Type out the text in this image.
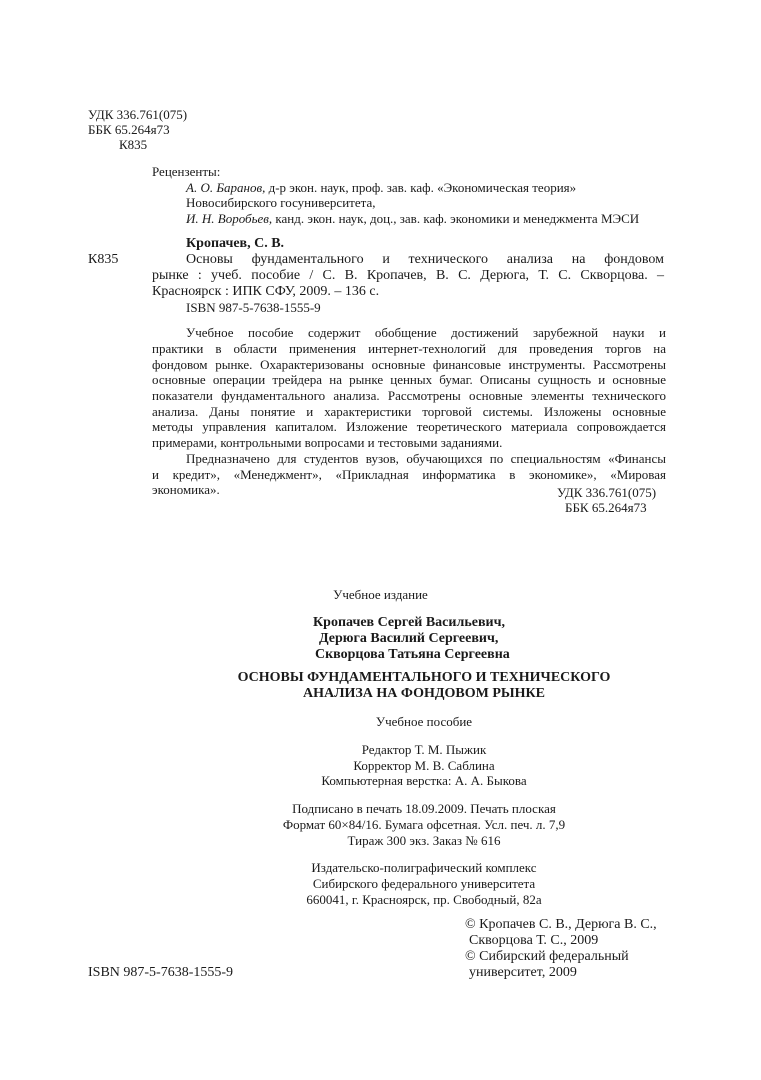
УДК 336.761(075)
ББК 65.264я73
К835
Рецензенты:
А. О. Баранов, д-р экон. наук, проф. зав. каф. «Экономическая теория»
Новосибирского госуниверситета,
И. Н. Воробьев, канд. экон. наук, доц., зав. каф. экономики и менеджмента МЭСИ
Кропачев, С. В.
К835	Основы фундаментального и технического анализа на фондовом
рынке : учеб. пособие / С. В. Кропачев, В. С. Дерюга, Т. С. Скворцова. –
Красноярск : ИПК СФУ, 2009. – 136 с.
ISBN 987-5-7638-1555-9
Учебное пособие содержит обобщение достижений зарубежной науки и
практики в области применения интернет-технологий для проведения торгов на
фондовом рынке. Охарактеризованы основные финансовые инструменты. Рассмотрены
основные операции трейдера на рынке ценных бумаг. Описаны сущность и основные
показатели фундаментального анализа. Рассмотрены основные элементы технического
анализа. Даны понятие и характеристики торговой системы. Изложены основные
методы управления капиталом. Изложение теоретического материала сопровождается
примерами, контрольными вопросами и тестовыми заданиями.
Предназначено для студентов вузов, обучающихся по специальностям «Финансы
и кредит», «Менеджмент», «Прикладная информатика в экономике», «Мировая
экономика».	УДК 336.761(075)
ББК 65.264я73
Учебное издание
Кропачев Сергей Васильевич,
Дерюга Василий Сергеевич,
Скворцова Татьяна Сергеевна
ОСНОВЫ ФУНДАМЕНТАЛЬНОГО И ТЕХНИЧЕСКОГО
АНАЛИЗА НА ФОНДОВОМ РЫНКЕ
Учебное пособие
Редактор Т. М. Пыжик
Корректор М. В. Саблина
Компьютерная верстка: А. А. Быкова
Подписано в печать 18.09.2009. Печать плоская
Формат 60×84/16. Бумага офсетная. Усл. печ. л. 7,9
Тираж 300 экз. Заказ № 616
Издательско-полиграфический комплекс
Сибирского федерального университета
660041, г. Красноярск, пр. Свободный, 82а
© Кропачев С. В., Дерюга В. С.,
Скворцова Т. С., 2009
© Сибирский федеральный
университет, 2009
ISBN 987-5-7638-1555-9
